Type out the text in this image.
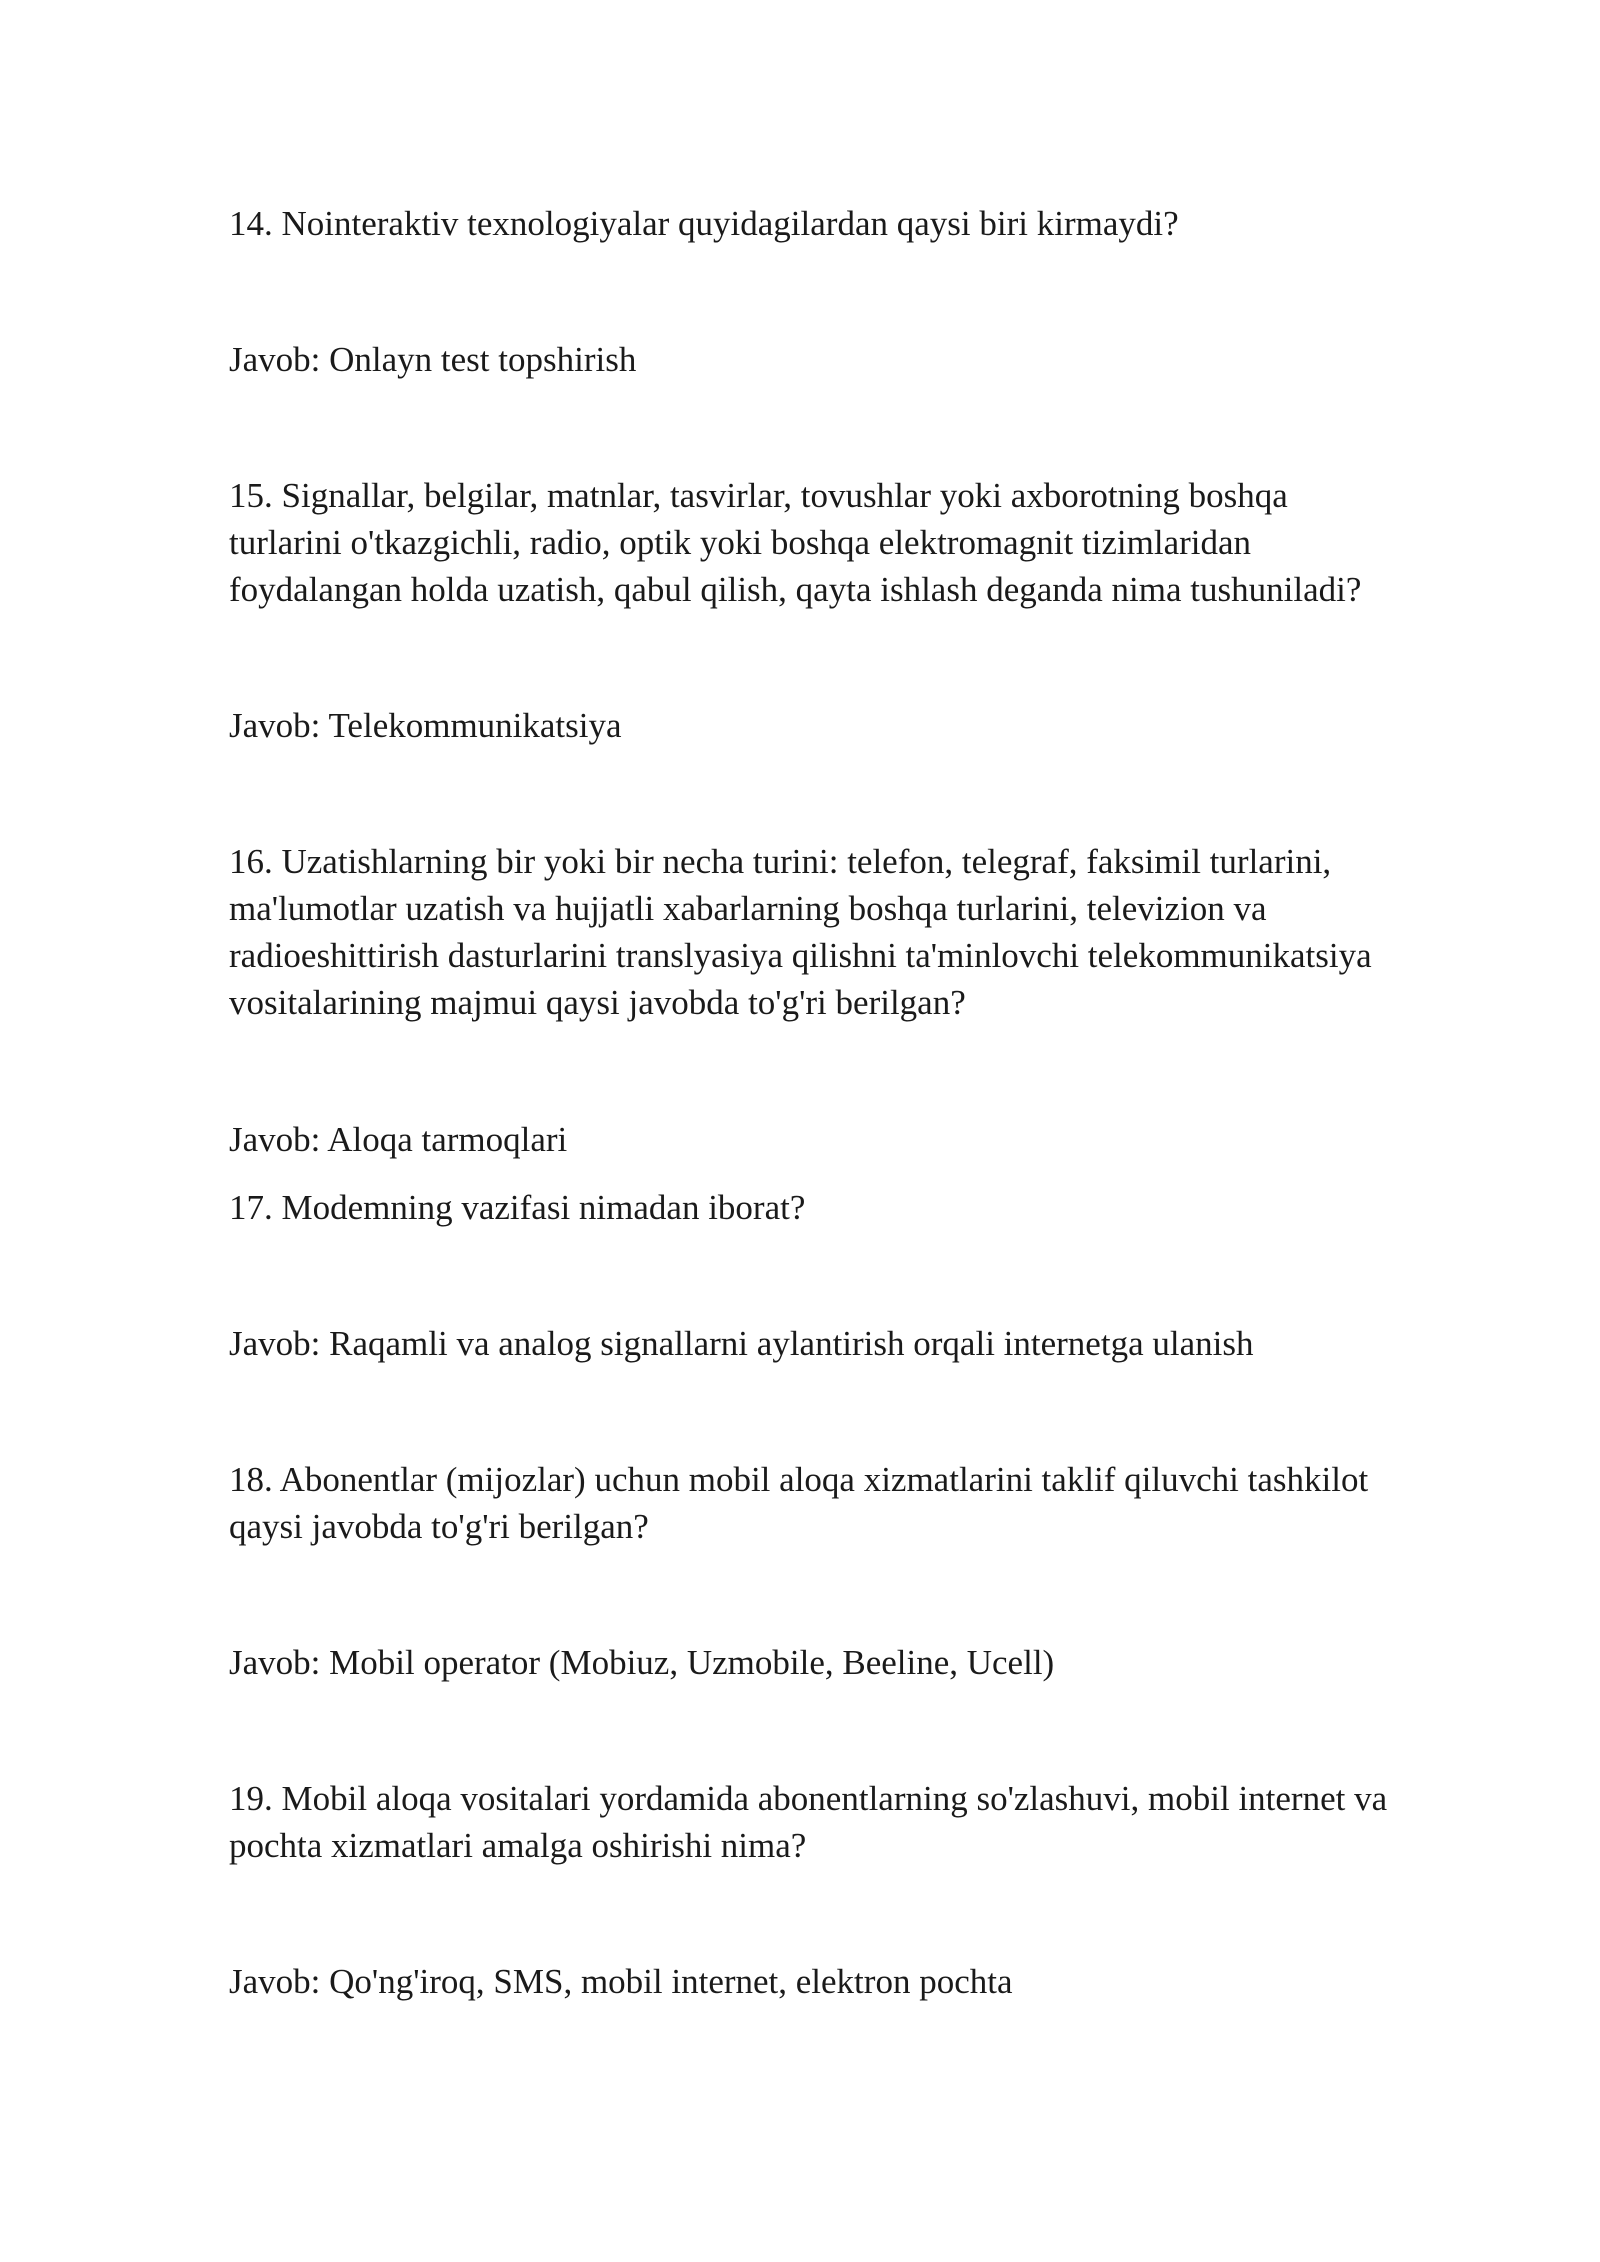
14. Nointeraktiv texnologiyalar quyidagilardan qaysi biri kirmaydi?

Javob: Onlayn test topshirish

15. Signallar, belgilar, matnlar, tasvirlar, tovushlar yoki axborotning boshqa
turlarini o'tkazgichli, radio, optik yoki boshqa elektromagnit tizimlaridan
foydalangan holda uzatish, qabul qilish, qayta ishlash deganda nima tushuniladi?

Javob: Telekommunikatsiya

16. Uzatishlarning bir yoki bir necha turini: telefon, telegraf, faksimil turlarini,
ma'lumotlar uzatish va hujjatli xabarlarning boshqa turlarini, televizion va
radioeshittirish dasturlarini translyasiya qilishni ta'minlovchi telekommunikatsiya
vositalarining majmui qaysi javobda to'g'ri berilgan?

Javob: Aloqa tarmoqlari

17. Modemning vazifasi nimadan iborat?

Javob: Raqamli va analog signallarni aylantirish orqali internetga ulanish

18. Abonentlar (mijozlar) uchun mobil aloqa xizmatlarini taklif qiluvchi tashkilot
qaysi javobda to'g'ri berilgan?

Javob: Mobil operator (Mobiuz, Uzmobile, Beeline, Ucell)

19. Mobil aloqa vositalari yordamida abonentlarning so'zlashuvi, mobil internet va
pochta xizmatlari amalga oshirishi nima?

Javob: Qo'ng'iroq, SMS, mobil internet, elektron pochta
